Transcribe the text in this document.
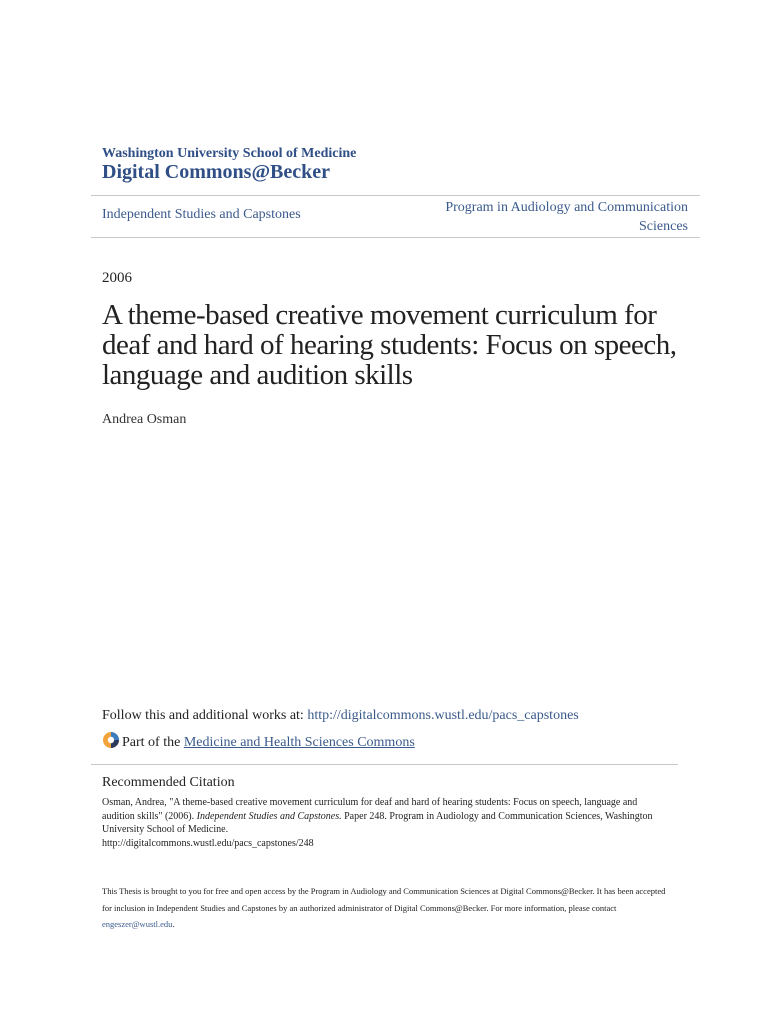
Washington University School of Medicine
Digital Commons@Becker
Independent Studies and Capstones	Program in Audiology and Communication
Sciences
2006
A theme-based creative movement curriculum for deaf and hard of hearing students: Focus on speech, language and audition skills
Andrea Osman
Follow this and additional works at: http://digitalcommons.wustl.edu/pacs_capstones
Part of the Medicine and Health Sciences Commons
Recommended Citation
Osman, Andrea, "A theme-based creative movement curriculum for deaf and hard of hearing students: Focus on speech, language and audition skills" (2006). Independent Studies and Capstones. Paper 248. Program in Audiology and Communication Sciences, Washington University School of Medicine.
http://digitalcommons.wustl.edu/pacs_capstones/248
This Thesis is brought to you for free and open access by the Program in Audiology and Communication Sciences at Digital Commons@Becker. It has been accepted for inclusion in Independent Studies and Capstones by an authorized administrator of Digital Commons@Becker. For more information, please contact engeszer@wustl.edu.
